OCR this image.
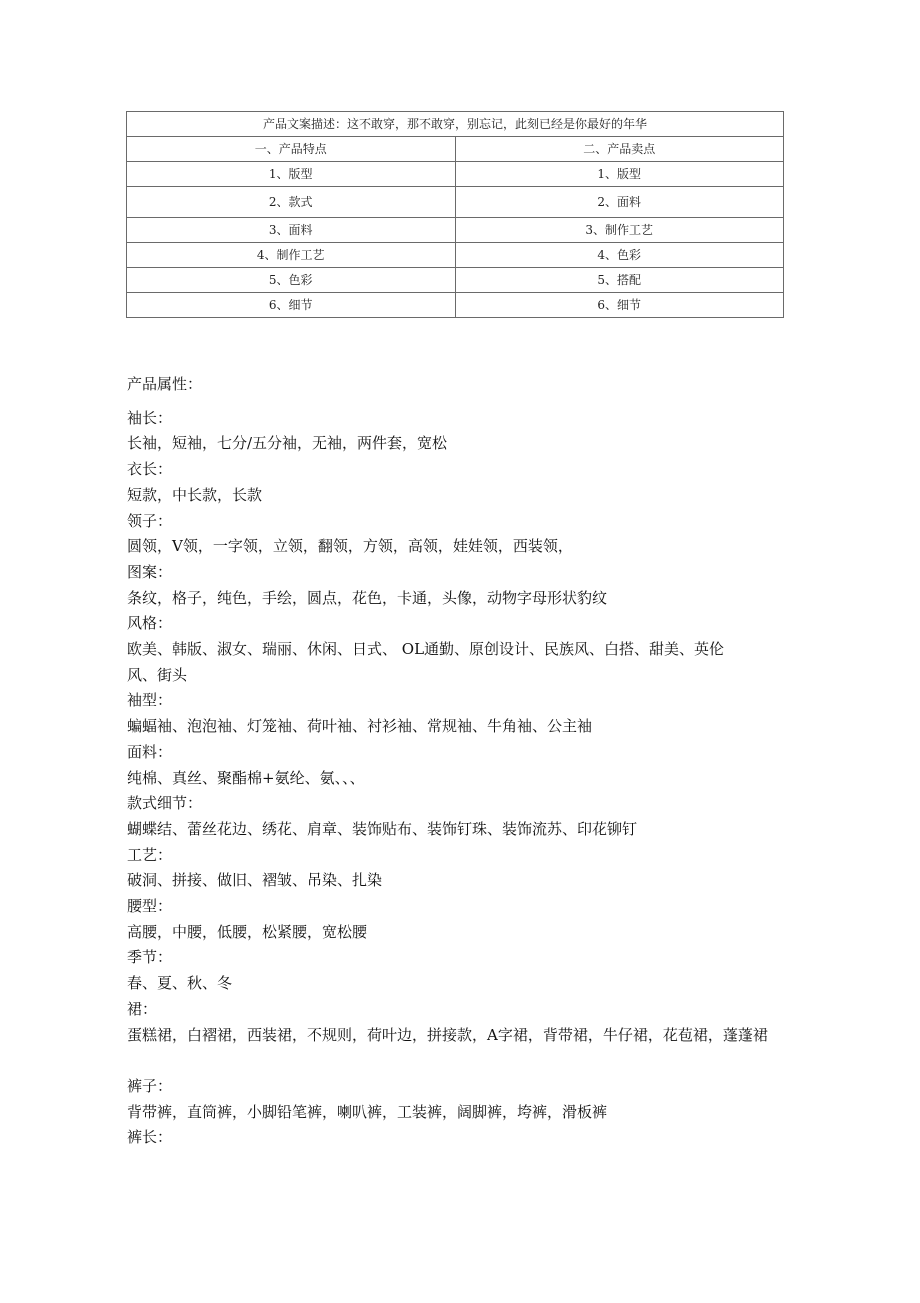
产品文案描述：这不敢穿，那不敢穿，别忘记，此刻已经是你最好的年华	
一、产品特点	二、产品卖点
1、版型	1、版型
2、款式	2、面料
3、面料	3、制作工艺
4、制作工艺	4、色彩
5、色彩	5、搭配
6、细节	6、细节
产品属性：
袖长：
长袖，短袖，七分/五分袖，无袖，两件套，宽松
衣长：
短款，中长款，长款
领子：
圆领，V领，一字领，立领，翻领，方领，高领，娃娃领，西装领，
图案：
条纹，格子，纯色，手绘，圆点，花色，卡通，头像，动物字母形状豹纹
风格：
欧美、韩版、淑女、瑞丽、休闲、日式、 OL通勤、原创设计、民族风、白搭、甜美、英伦风、街头
袖型：
蝙蝠袖、泡泡袖、灯笼袖、荷叶袖、衬衫袖、常规袖、牛角袖、公主袖
面料：
纯棉、真丝、聚酯棉+氨纶、氨、、、
款式细节：
蝴蝶结、蕾丝花边、绣花、肩章、装饰贴布、装饰钉珠、装饰流苏、印花铆钉
工艺：
破洞、拼接、做旧、褶皱、吊染、扎染
腰型：
高腰，中腰，低腰，松紧腰，宽松腰
季节：
春、夏、秋、冬
裙：
蛋糕裙，白褶裙，西装裙，不规则，荷叶边，拼接款，A字裙，背带裙，牛仔裙，花苞裙，蓬蓬裙
裤子：
背带裤，直筒裤，小脚铅笔裤，喇叭裤，工装裤，阔脚裤，垮裤，滑板裤
裤长：
